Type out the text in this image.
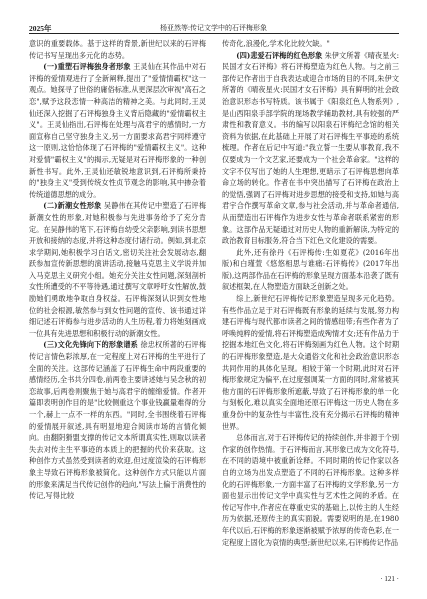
2025年	杨亚然等:传记文学中的石评梅形象

意识的重要载体。基于这样的背景,新世纪以来的石评梅传记书写呈现出多元化的态势。

(一)重塑石评梅独身者形象 王灵仙在其作品中对石评梅的爱情观进行了全新阐释,提出了"爱情情霸权"这一观点。她探寻了世俗的庸俗标准,从更深层次审视"高石之恋",赋予这段恋情一种高洁的精神之美。与此同时,王灵仙还深入挖掘了石评梅独身主义背后隐藏的"爱情霸权主义"。王灵仙指出,石评梅在处理与高君宇的感情时,一方面宣称自己坚守独身主义,另一方面要求高君宇同样遵守这一原则,这恰恰体现了石评梅的"爱情霸权主义"。这种对爱情"霸权主义"的揭示,无疑是对石评梅形象的一种创新性书写。此外,王灵仙还敏锐地意识到,石评梅所秉持的"独身主义"受到传统女性贞节观念的影响,其中掺杂着传统道德思想的成分。

(二)新潮女性形象 吴静伟在其传记中塑造了石评梅新潮女性的形象,对她积极参与先进事务给予了充分肯定。在吴静伟的笔下,石评梅自幼受父亲影响,到读书思想开放和接纳的态度,并将这种态度付诸行动。例如,到北京求学期间,她积极学习白话文,密切关注社会发展动态,翻跃参加宣传新思想的演讲活动,接触马克思主义学说并加入马克思主义研究小组。她充分关注女性问题,深刻剖析女性所遭受的不平等待遇,通过撰写文章呼吁女性解放,鼓励她们勇敢地争取自身权益。石评梅深刻认识到女性地位的社会根源,敏然参与到女性问题的宣传、该书通过详细记述石评梅参与进步活动的人生历程,着力将她刻画成一位具有先进思想和积极行动的新潮女性。

(三)文化先锋向下的形象谱系 徐忠权所著的石评梅传记言情色彩浓厚,在一定程度上对石评梅的生平进行了全面的关注。这部传记涵盖了石评梅生命中两段重要的感情经历,全书共分四卷,前两卷主要讲述她与吴念秋的初恋故事,后两卷则聚焦于她与高君宇的缠绵爱情。作者开篇即表明创作目的是"比较侧重这个事业钱赢量难得的分一个,赫上一点不一样的东西。"同时,全书围绕着石评梅的爱情展开叙述,具有明显地迎合阅读市场的言情化倾向。由翻阴猾盟支撑的传记文本所谓真实性,则取以读者失去对传主生平事迹的本质上的把握的代价来获取。这种创作方式虽然受到读者的欢迎,但过度渲染的石评梅形象主导致石评梅形象被简化。这种创作方式只能以片面的形象来满足当代传记创作的趋向,"写法上偏于消费性的传记,写得比较

传奇化,浪漫化,学术化比较欠缺。"

(四)悲爱石评梅的红色形象 朱伊文所著《晴夜星火:民国才女石评梅》将石评梅塑造为红色人物。与之前三部传记作者出于自我表达或迎合市场的目的不同,朱伊文所著的《晴夜星火:民国才女石评梅》具有鲜明的社会政治意识形态书写特质。该书属于《阳泉红色人物系列》,是山西阳泉手部学院的现场教学辅助教材,具有较强的严肃性和教育意义。书的编写以阳泉石评梅纪念馆的相关资料为依据,在此基础上开展了对石评梅生平事迹的系统梳理。作者在后记中写道:"我立誓一生要从事教育,我不仅要成为一个文艺家,还要成为一个社会革命家。"这样的文字不仅写出了她的人生理想,更暗示了石评梅思想向革命立场的转化。作者在书中突出描写了石评梅在政治上的觉悟,强调了石评梅对进步思想的接受和支持,如她与高君宇合作撰写革命文章,参与社会活动,并与革命者通信,从而塑造出石评梅作为进步女性与革命者联系紧密的形象。这部作品无疑通过对历史人物的重新解读,为特定的政治教育目标服务,符合当下红色文化建设的需要。

此外,还有徐丹《石评梅传:生如夏花》(2016年出版)和白瑾萱《悠悠相思与谁痛:石评梅传》(2017年出版),这两部作品在石评梅的形象呈现方面基本沿袭了既有叙述框架,在人物塑造方面缺乏创新之处。

综上,新世纪石评梅传记形象塑造呈现多元化趋势。有些作品立足于对石评梅既有形象的延续与发展,努力构建石评梅与现代都市读者之间的情感纽带;有些作者为了呼唤纯粹的爱情,将石评梅塑造成殉情才女;还有作品力于挖掘本地红色文化,将石评梅刻画为红色人物。这个时期的石评梅形象塑造,是大众通俗文化和社会政治意识形态共同作用的具体化呈现。相较于第一个时期,此时对石评梅形象规定为偏平,在过度强调某一方面的同时,常常被其他方面的石评梅形象所遮蔽,导致了石评梅形象的单一化与刻板化,难以真实全面地还原石评梅这一历史人物在多重身份中的复杂性与丰富性,没有充分揭示石评梅的精神世界。

总体而言,对于石评梅传记的持续创作,并非源于个别作家的创作热情。于石评梅而言,其形象已成为文化符号,在不同的语境中被重新诠释。不同时期的传记作家以各自的立场为出发点塑造了不同的石评梅形象。这种多样化的石评梅形象,一方面丰富了石评梅的文学形象,另一方面也显示出传记文学中真实性与艺术性之间的矛盾。在传记写作中,作者应在尊重史实的基础上,以传主的人生经历为依据,还原传主的真实面貌。需要说明的是,在1980年代以后,石评梅的形象逐渐被赋予浓厚的传奇色彩,在一定程度上固化为哀情的典型;新世纪以来,石评梅传记作品

· 121 ·
